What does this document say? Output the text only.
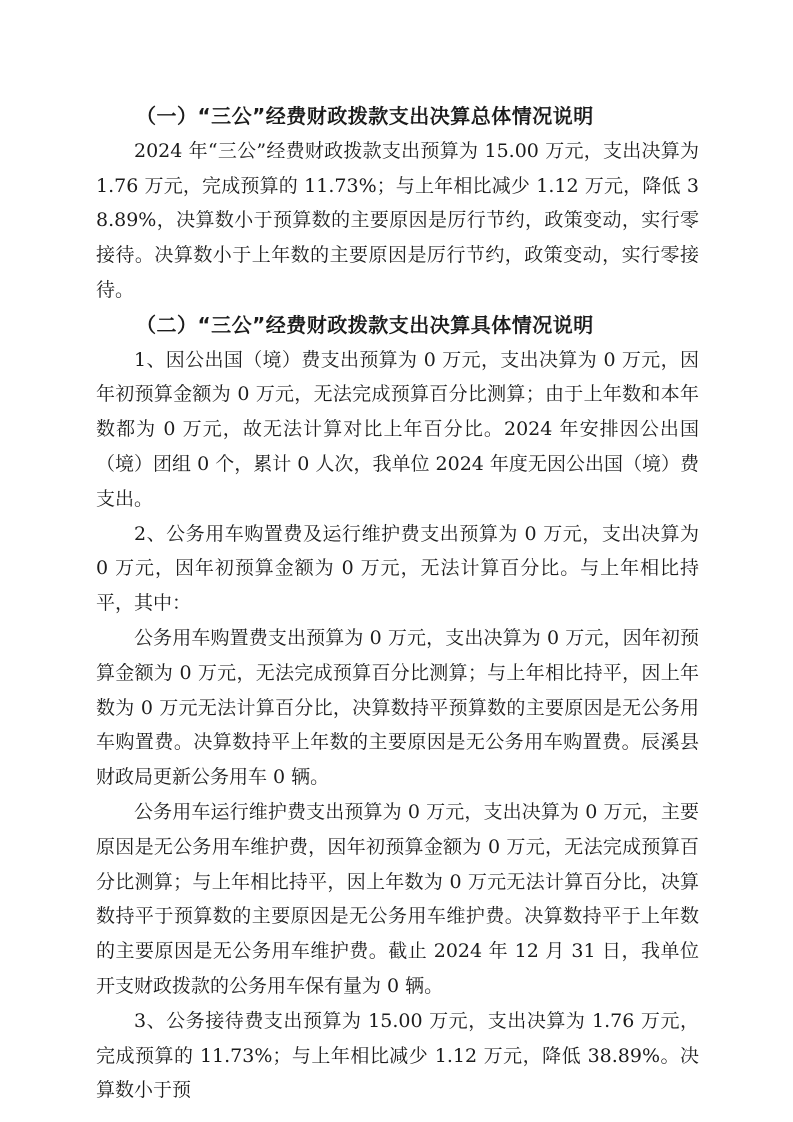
（一）“三公”经费财政拨款支出决算总体情况说明

2024 年“三公”经费财政拨款支出预算为 15.00 万元，支出决算为 1.76 万元，完成预算的 11.73%；与上年相比减少 1.12 万元，降低 38.89%，决算数小于预算数的主要原因是厉行节约，政策变动，实行零接待。决算数小于上年数的主要原因是厉行节约，政策变动，实行零接待。

（二）“三公”经费财政拨款支出决算具体情况说明

1、因公出国（境）费支出预算为 0 万元，支出决算为 0 万元，因年初预算金额为 0 万元，无法完成预算百分比测算；由于上年数和本年数都为 0 万元，故无法计算对比上年百分比。2024 年安排因公出国（境）团组 0 个，累计 0 人次，我单位 2024 年度无因公出国（境）费支出。

2、公务用车购置费及运行维护费支出预算为 0 万元，支出决算为 0 万元，因年初预算金额为 0 万元，无法计算百分比。与上年相比持平，其中：

公务用车购置费支出预算为 0 万元，支出决算为 0 万元，因年初预算金额为 0 万元，无法完成预算百分比测算；与上年相比持平，因上年数为 0 万元无法计算百分比，决算数持平预算数的主要原因是无公务用车购置费。决算数持平上年数的主要原因是无公务用车购置费。辰溪县财政局更新公务用车 0 辆。

公务用车运行维护费支出预算为 0 万元，支出决算为 0 万元，主要原因是无公务用车维护费，因年初预算金额为 0 万元，无法完成预算百分比测算；与上年相比持平，因上年数为 0 万元无法计算百分比，决算数持平于预算数的主要原因是无公务用车维护费。决算数持平于上年数的主要原因是无公务用车维护费。截止 2024 年 12 月 31 日，我单位开支财政拨款的公务用车保有量为 0 辆。

3、公务接待费支出预算为 15.00 万元，支出决算为 1.76 万元，完成预算的 11.73%；与上年相比减少 1.12 万元，降低 38.89%。决算数小于预
